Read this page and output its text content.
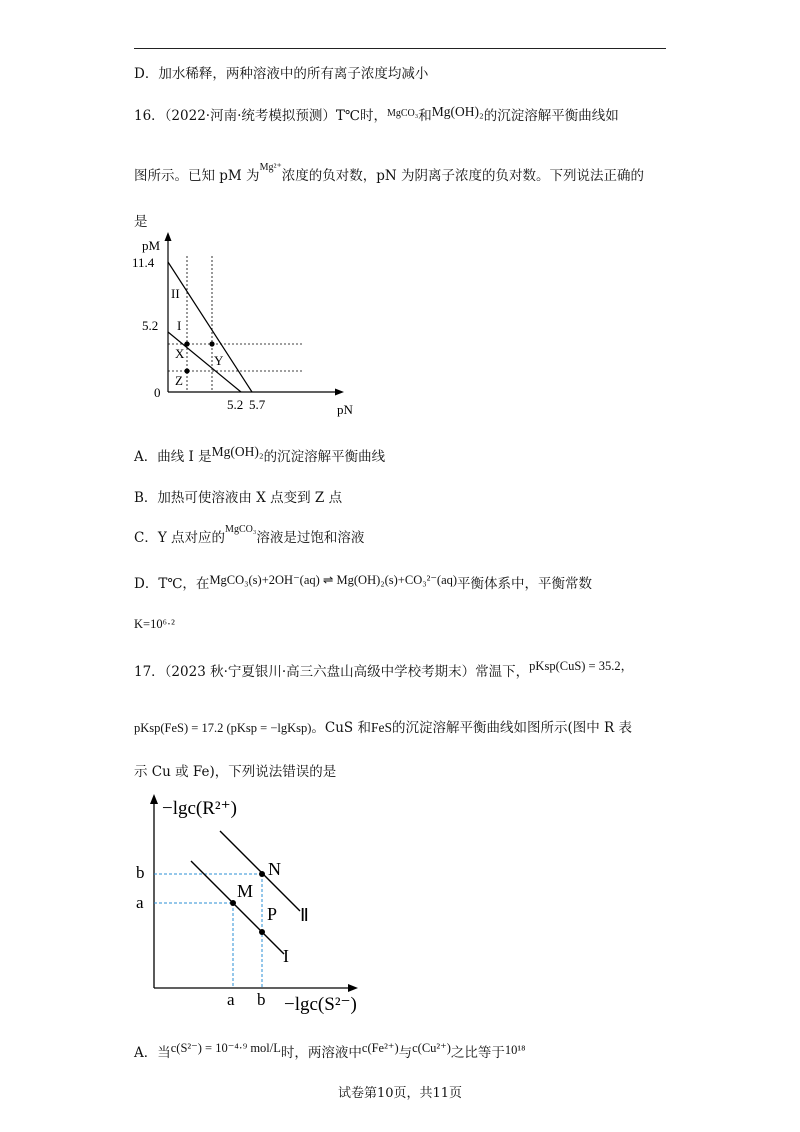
D．加水稀释，两种溶液中的所有离子浓度均减小
16．（2022·河南·统考模拟预测）T℃时，$^{MgCO_3}$和Mg(OH)₂的沉淀溶解平衡曲线如
图所示。已知 pM 为$^{Mg^{2+}}$浓度的负对数，pN 为阴离子浓度的负对数。下列说法正确的
是
pM
11.4
5.2
0
5.2 5.7	pN
II
I
X Y
Z
A．曲线 I 是Mg(OH)₂的沉淀溶解平衡曲线
B．加热可使溶液由 X 点变到 Z 点
C．Y 点对应的$^{MgCO_3}$溶液是过饱和溶液
D．T℃，在MgCO₃(s)+2OH⁻(aq) ⇌ Mg(OH)₂(s)+CO₃²⁻(aq)平衡体系中，平衡常数
K=10⁶·²
17．（2023 秋·宁夏银川·高三六盘山高级中学校考期末）常温下，pKsp(CuS) = 35.2，
pKsp(FeS) = 17.2 (pKsp = −lgKsp)。CuS 和FeS的沉淀溶解平衡曲线如图所示(图中 R 表
示 Cu 或 Fe)，下列说法错误的是
−lgc(R²⁺)
b
a
a b −lgc(S²⁻)
N
M
P Ⅱ
I
A．当c(S²⁻) = 10⁻⁴·⁹ mol/L时，两溶液中c(Fe²⁺)与c(Cu²⁺)之比等于10¹⁸
试卷第10页，共11页
